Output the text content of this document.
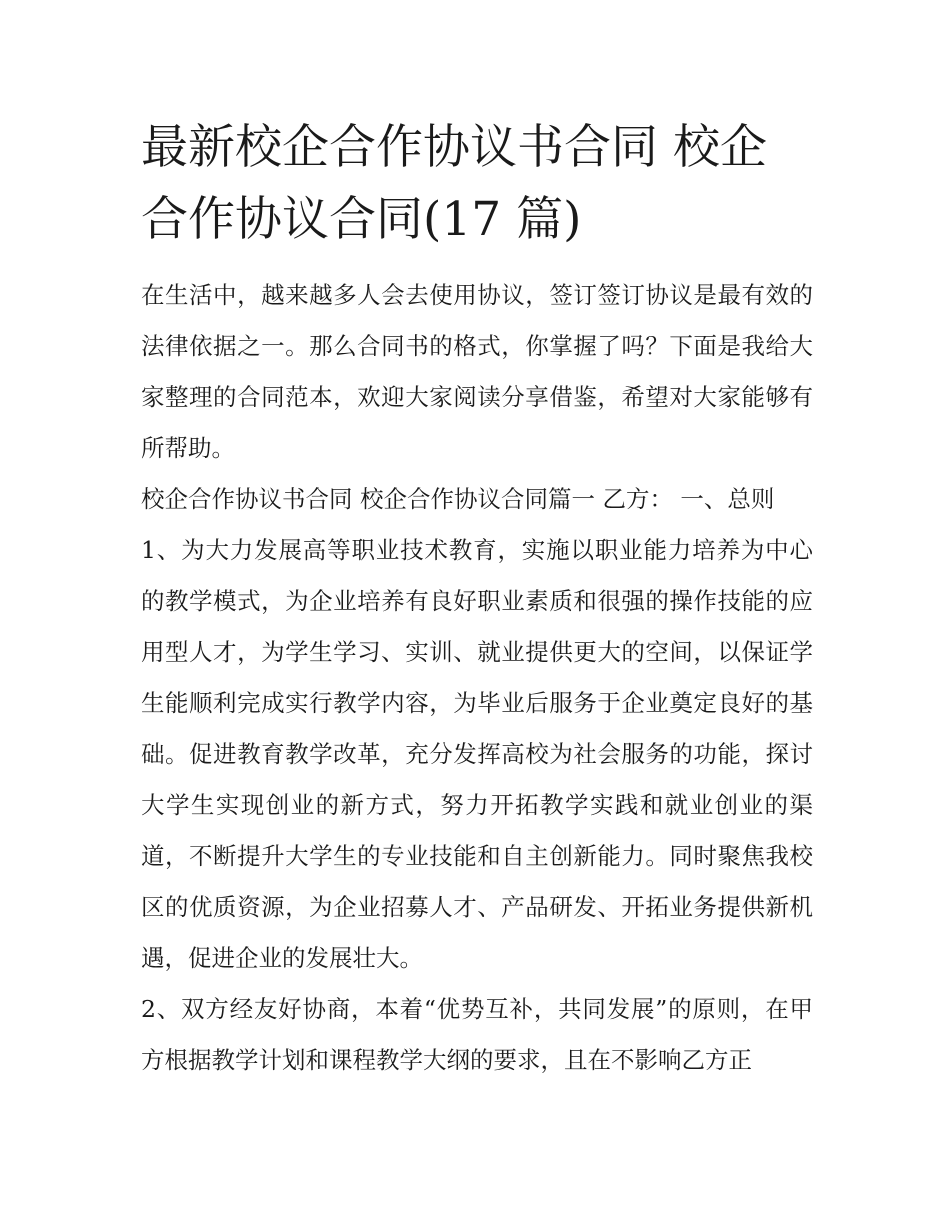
最新校企合作协议书合同 校企合作协议合同(17 篇)

在生活中，越来越多人会去使用协议，签订签订协议是最有效的法律依据之一。那么合同书的格式，你掌握了吗？下面是我给大家整理的合同范本，欢迎大家阅读分享借鉴，希望对大家能够有所帮助。

校企合作协议书合同 校企合作协议合同篇一 乙方： 一、总则

1、为大力发展高等职业技术教育，实施以职业能力培养为中心的教学模式，为企业培养有良好职业素质和很强的操作技能的应用型人才，为学生学习、实训、就业提供更大的空间，以保证学生能顺利完成实行教学内容，为毕业后服务于企业奠定良好的基础。促进教育教学改革，充分发挥高校为社会服务的功能，探讨大学生实现创业的新方式，努力开拓教学实践和就业创业的渠道，不断提升大学生的专业技能和自主创新能力。同时聚焦我校区的优质资源，为企业招募人才、产品研发、开拓业务提供新机遇，促进企业的发展壮大。

2、双方经友好协商，本着“优势互补，共同发展”的原则，在甲方根据教学计划和课程教学大纲的要求，且在不影响乙方正
